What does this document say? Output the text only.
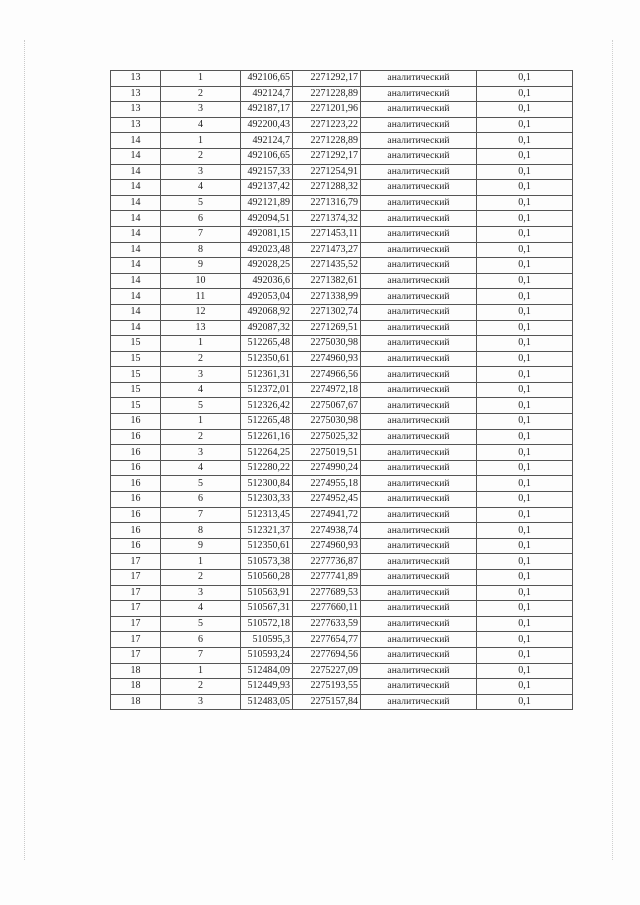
13	1	492106,65	2271292,17	аналитический	0,1
13	2	492124,7	2271228,89	аналитический	0,1
13	3	492187,17	2271201,96	аналитический	0,1
13	4	492200,43	2271223,22	аналитический	0,1
14	1	492124,7	2271228,89	аналитический	0,1
14	2	492106,65	2271292,17	аналитический	0,1
14	3	492157,33	2271254,91	аналитический	0,1
14	4	492137,42	2271288,32	аналитический	0,1
14	5	492121,89	2271316,79	аналитический	0,1
14	6	492094,51	2271374,32	аналитический	0,1
14	7	492081,15	2271453,11	аналитический	0,1
14	8	492023,48	2271473,27	аналитический	0,1
14	9	492028,25	2271435,52	аналитический	0,1
14	10	492036,6	2271382,61	аналитический	0,1
14	11	492053,04	2271338,99	аналитический	0,1
14	12	492068,92	2271302,74	аналитический	0,1
14	13	492087,32	2271269,51	аналитический	0,1
15	1	512265,48	2275030,98	аналитический	0,1
15	2	512350,61	2274960,93	аналитический	0,1
15	3	512361,31	2274966,56	аналитический	0,1
15	4	512372,01	2274972,18	аналитический	0,1
15	5	512326,42	2275067,67	аналитический	0,1
16	1	512265,48	2275030,98	аналитический	0,1
16	2	512261,16	2275025,32	аналитический	0,1
16	3	512264,25	2275019,51	аналитический	0,1
16	4	512280,22	2274990,24	аналитический	0,1
16	5	512300,84	2274955,18	аналитический	0,1
16	6	512303,33	2274952,45	аналитический	0,1
16	7	512313,45	2274941,72	аналитический	0,1
16	8	512321,37	2274938,74	аналитический	0,1
16	9	512350,61	2274960,93	аналитический	0,1
17	1	510573,38	2277736,87	аналитический	0,1
17	2	510560,28	2277741,89	аналитический	0,1
17	3	510563,91	2277689,53	аналитический	0,1
17	4	510567,31	2277660,11	аналитический	0,1
17	5	510572,18	2277633,59	аналитический	0,1
17	6	510595,3	2277654,77	аналитический	0,1
17	7	510593,24	2277694,56	аналитический	0,1
18	1	512484,09	2275227,09	аналитический	0,1
18	2	512449,93	2275193,55	аналитический	0,1
18	3	512483,05	2275157,84	аналитический	0,1
